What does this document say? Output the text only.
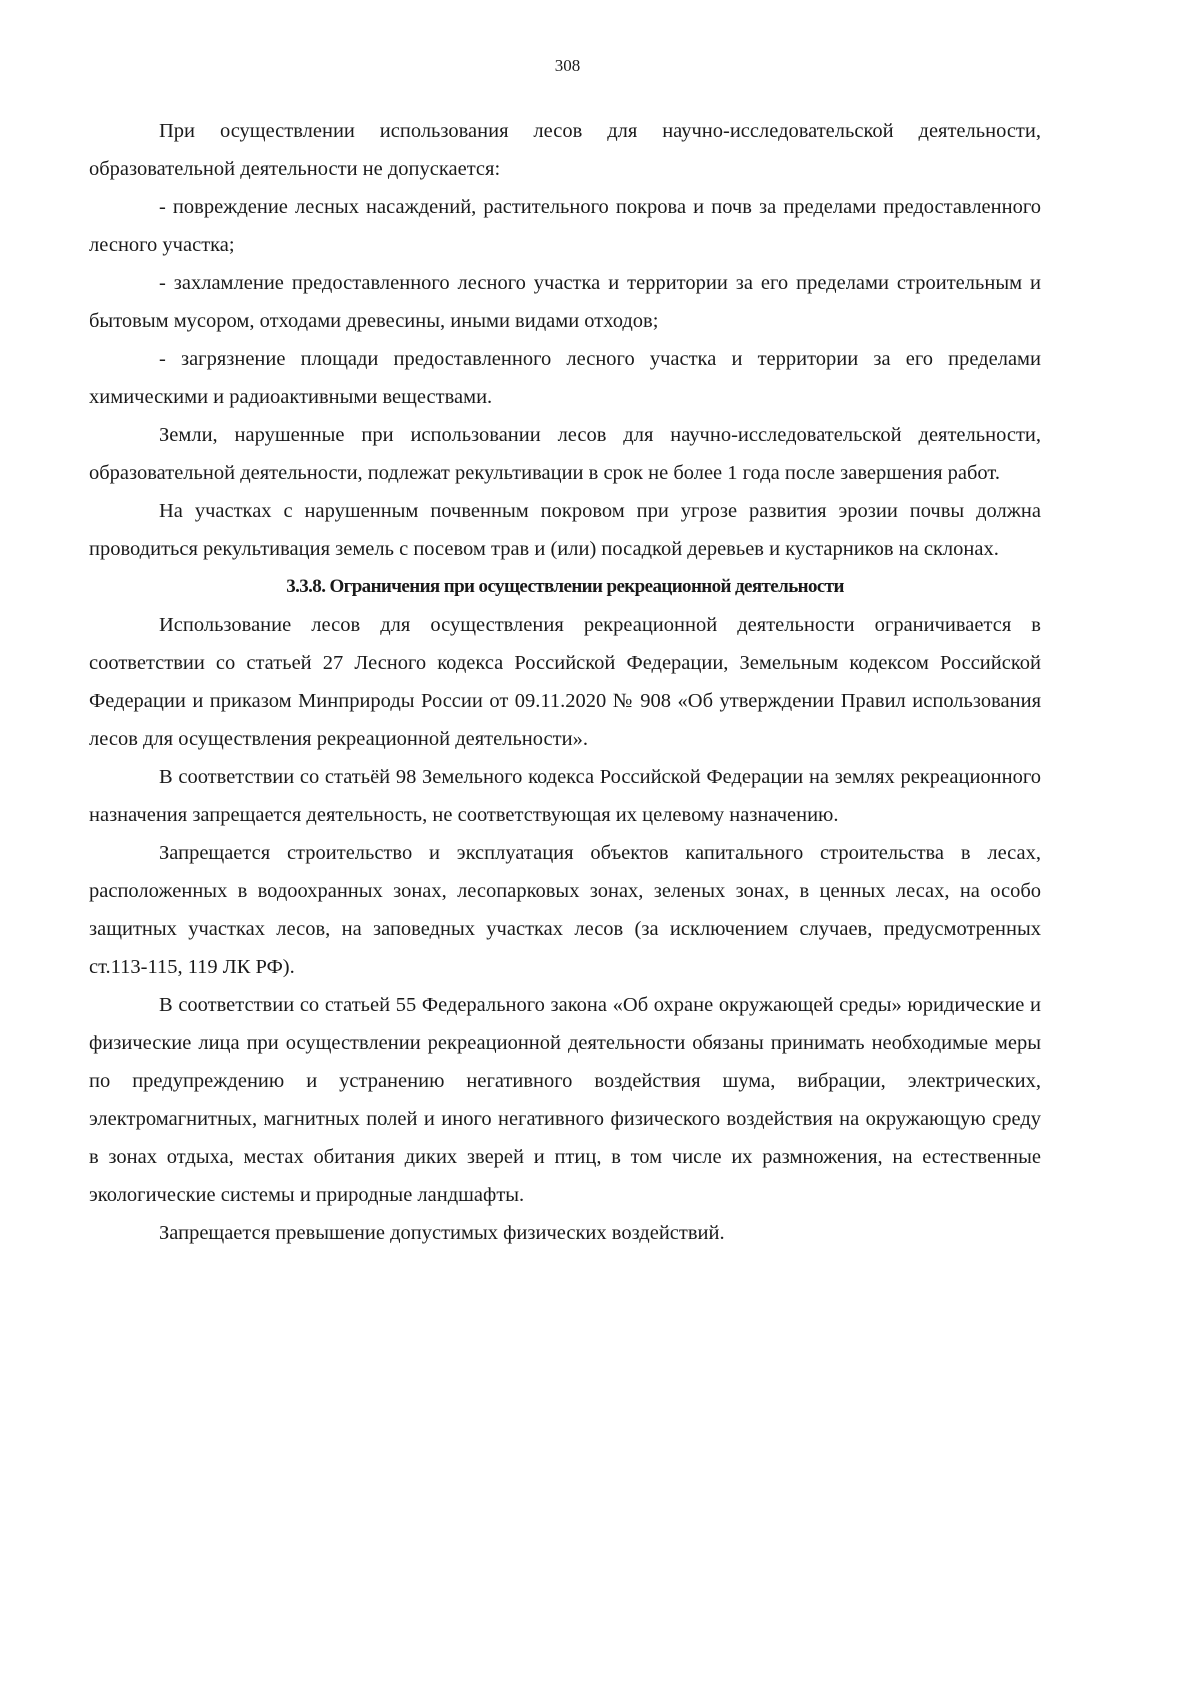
308

При осуществлении использования лесов для научно-исследовательской деятельности, образовательной деятельности не допускается:

- повреждение лесных насаждений, растительного покрова и почв за пределами предоставленного лесного участка;

- захламление предоставленного лесного участка и территории за его пределами строительным и бытовым мусором, отходами древесины, иными видами отходов;

- загрязнение площади предоставленного лесного участка и территории за его пределами химическими и радиоактивными веществами.

Земли, нарушенные при использовании лесов для научно-исследовательской деятельности, образовательной деятельности, подлежат рекультивации в срок не более 1 года после завершения работ.

На участках с нарушенным почвенным покровом при угрозе развития эрозии почвы должна проводиться рекультивация земель с посевом трав и (или) посадкой деревьев и кустарников на склонах.

3.3.8. Ограничения при осуществлении рекреационной деятельности

Использование лесов для осуществления рекреационной деятельности ограничивается в соответствии со статьей 27 Лесного кодекса Российской Федерации, Земельным кодексом Российской Федерации и приказом Минприроды России от 09.11.2020 № 908 «Об утверждении Правил использования лесов для осуществления рекреационной деятельности».

В соответствии со статьёй 98 Земельного кодекса Российской Федерации на землях рекреационного назначения запрещается деятельность, не соответствующая их целевому назначению.

Запрещается строительство и эксплуатация объектов капитального строительства в лесах, расположенных в водоохранных зонах, лесопарковых зонах, зеленых зонах, в ценных лесах, на особо защитных участках лесов, на заповедных участках лесов (за исключением случаев, предусмотренных ст.113-115, 119 ЛК РФ).

В соответствии со статьей 55 Федерального закона «Об охране окружающей среды» юридические и физические лица при осуществлении рекреационной деятельности обязаны принимать необходимые меры по предупреждению и устранению негативного воздействия шума, вибрации, электрических, электромагнитных, магнитных полей и иного негативного физического воздействия на окружающую среду в зонах отдыха, местах обитания диких зверей и птиц, в том числе их размножения, на естественные экологические системы и природные ландшафты.

Запрещается превышение допустимых физических воздействий.
